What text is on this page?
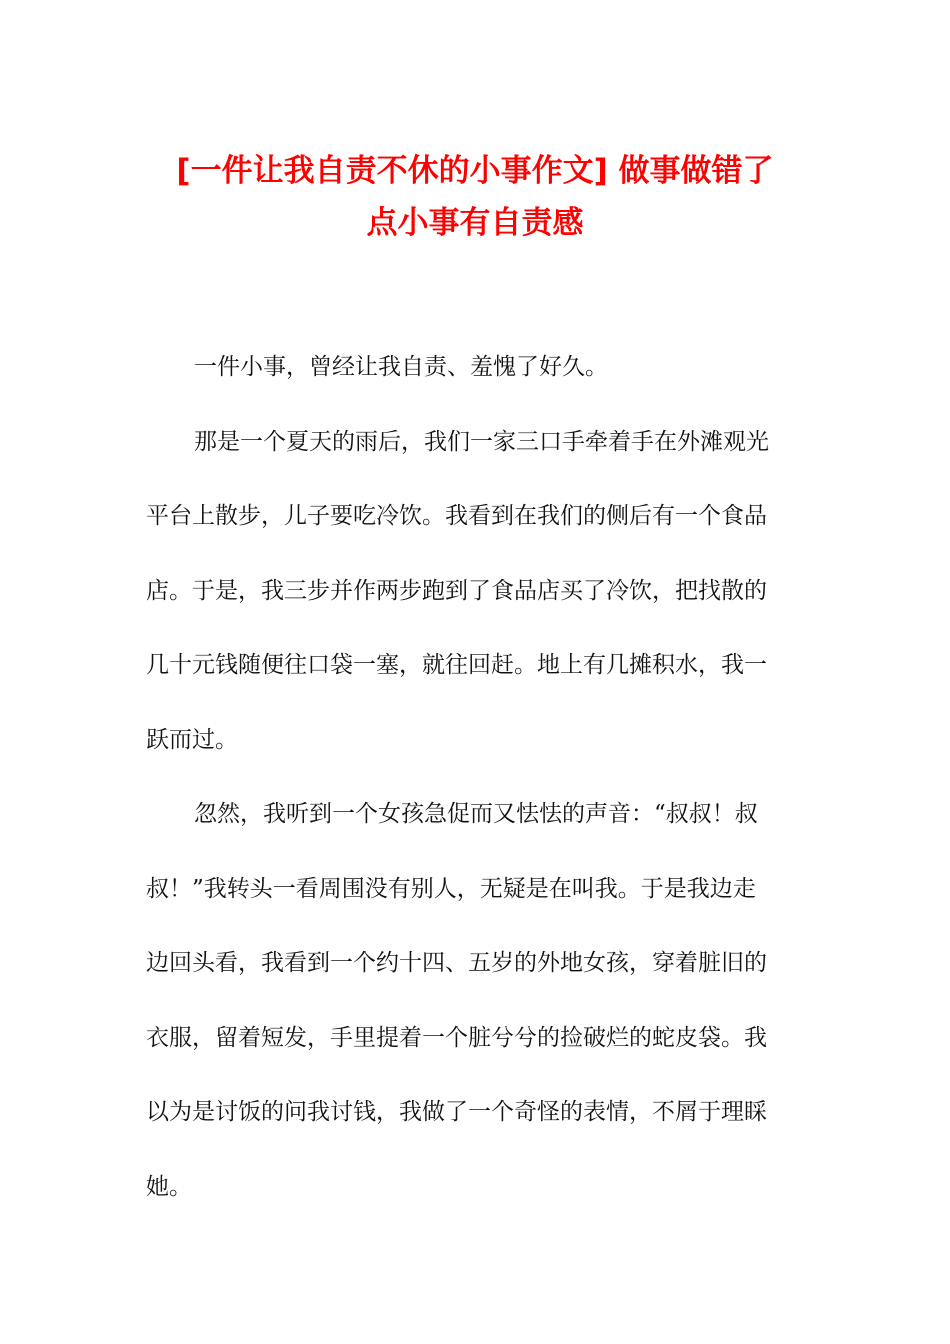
[一件让我自责不休的小事作文] 做事做错了
点小事有自责感
一件小事，曾经让我自责、羞愧了好久。
那是一个夏天的雨后，我们一家三口手牵着手在外滩观光
平台上散步，儿子要吃冷饮。我看到在我们的侧后有一个食品
店。于是，我三步并作两步跑到了食品店买了冷饮，把找散的
几十元钱随便往口袋一塞，就往回赶。地上有几摊积水，我一
跃而过。
忽然，我听到一个女孩急促而又怯怯的声音：“叔叔！叔
叔！”我转头一看周围没有别人，无疑是在叫我。于是我边走
边回头看，我看到一个约十四、五岁的外地女孩，穿着脏旧的
衣服，留着短发，手里提着一个脏兮兮的捡破烂的蛇皮袋。我
以为是讨饭的问我讨钱，我做了一个奇怪的表情，不屑于理睬
她。
